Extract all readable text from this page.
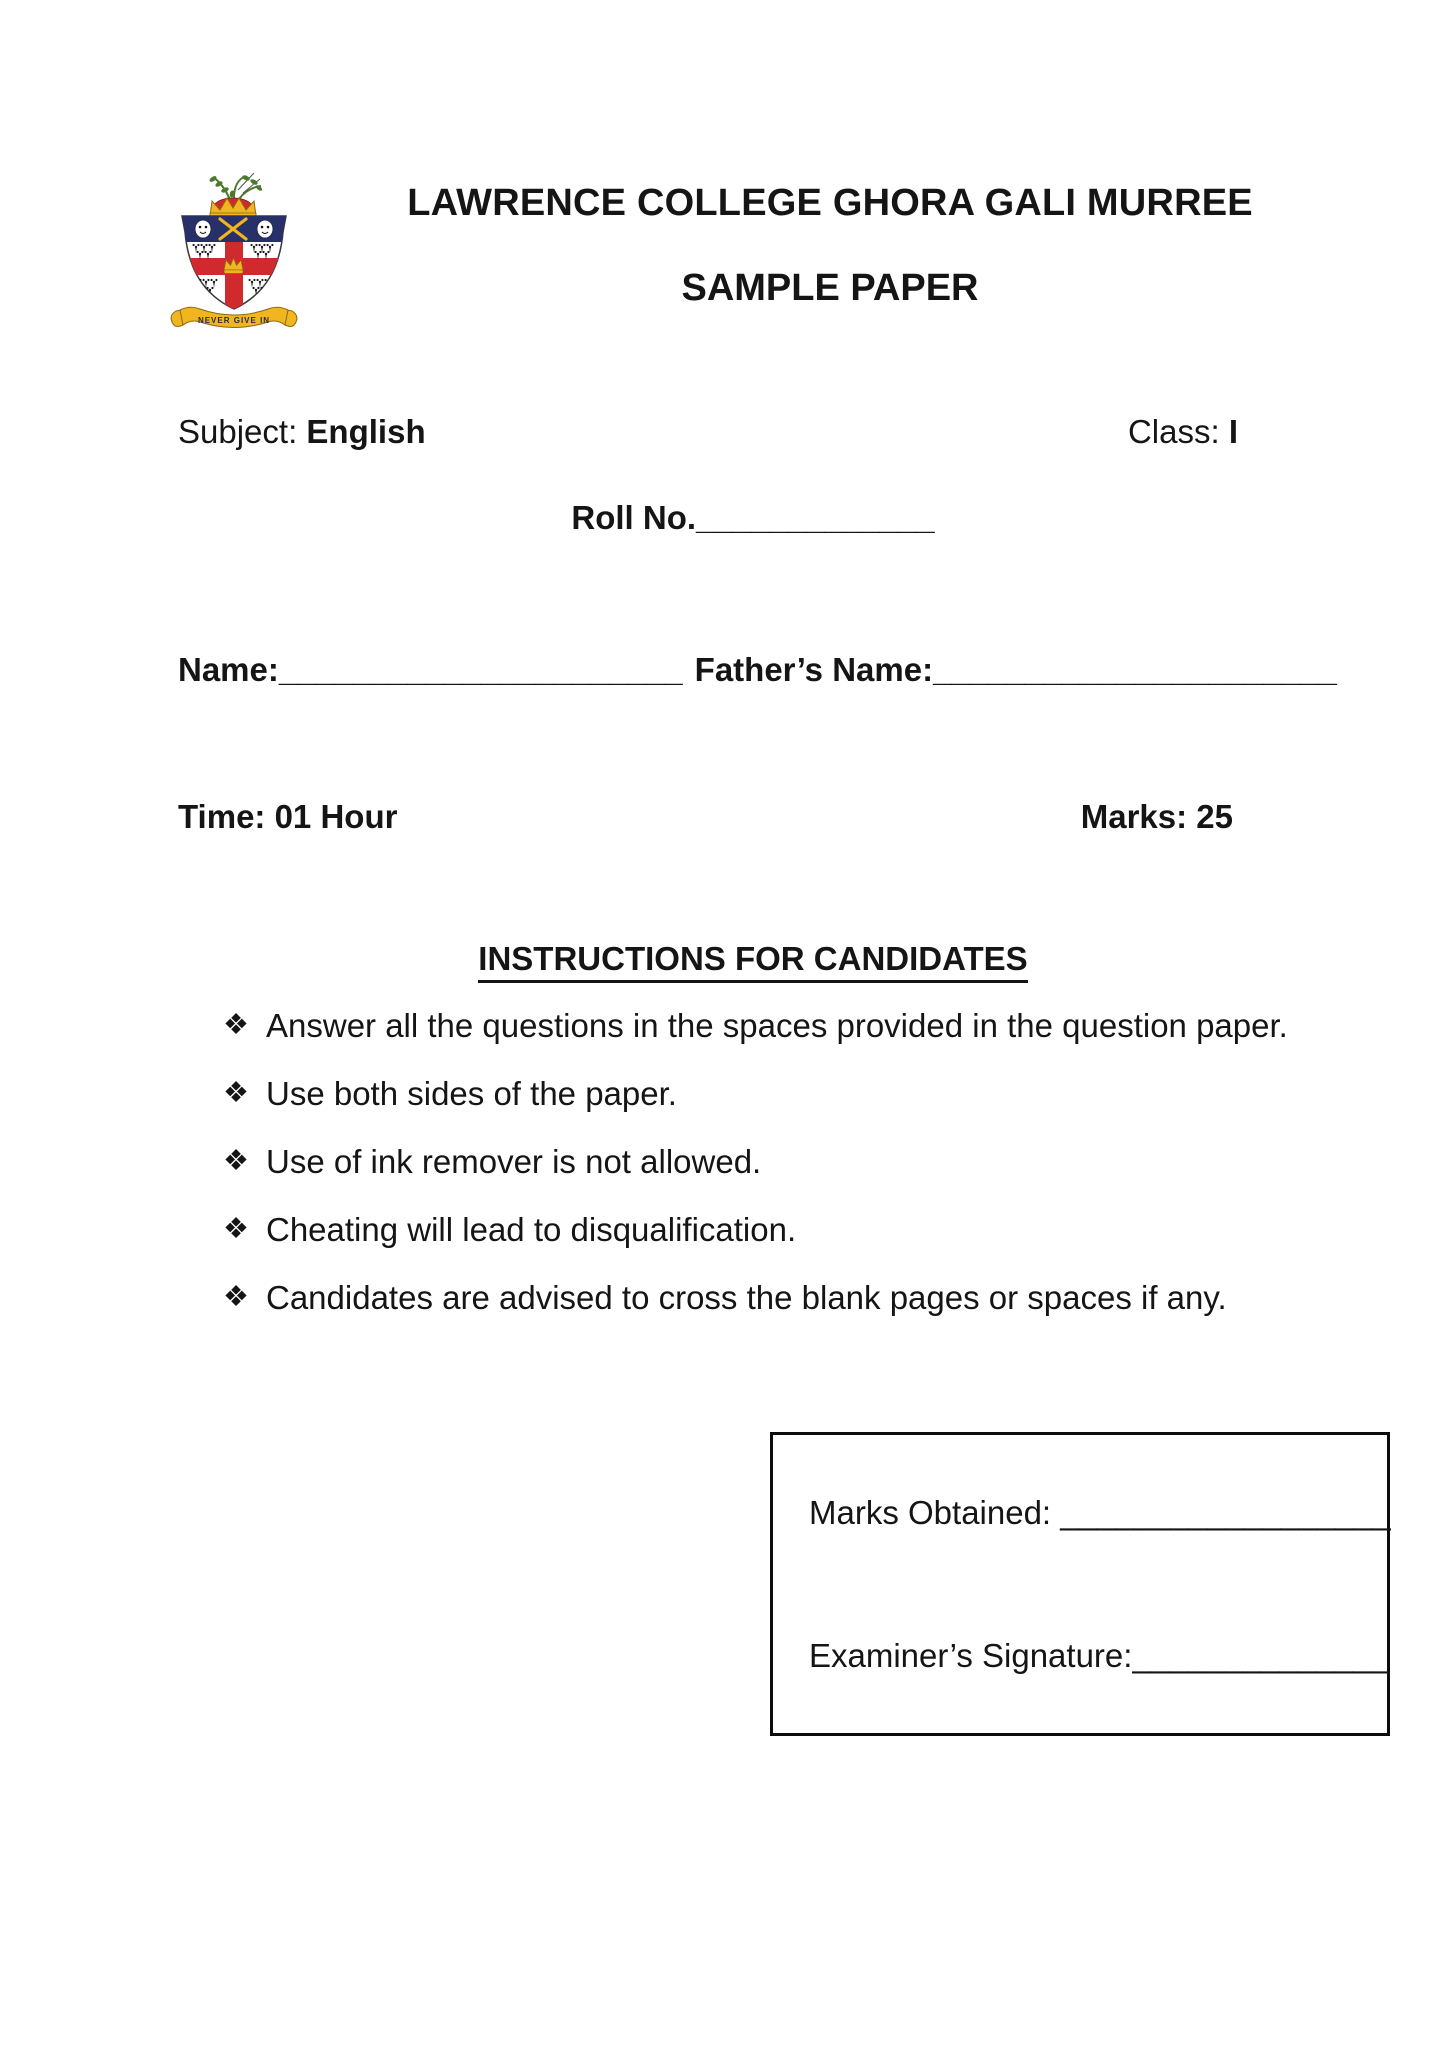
NEVER GIVE IN
LAWRENCE COLLEGE GHORA GALI MURREE
SAMPLE PAPER
Subject: English	Class: I
Roll No._____________
Name:______________________ Father’s Name:______________________
Time: 01 Hour	Marks: 25
INSTRUCTIONS FOR CANDIDATES
❖ Answer all the questions in the spaces provided in the question paper.
❖ Use both sides of the paper.
❖ Use of ink remover is not allowed.
❖ Cheating will lead to disqualification.
❖ Candidates are advised to cross the blank pages or spaces if any.
Marks Obtained: __________________
Examiner’s Signature:______________
